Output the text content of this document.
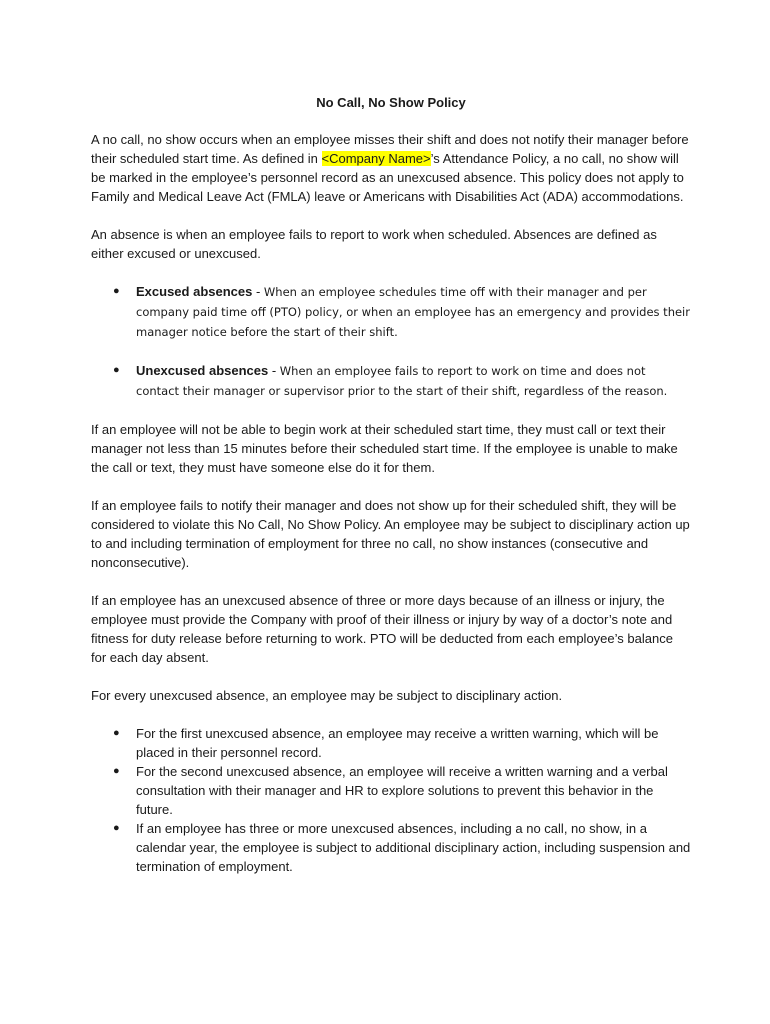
No Call, No Show Policy

A no call, no show occurs when an employee misses their shift and does not notify their manager before their scheduled start time. As defined in <Company Name>’s Attendance Policy, a no call, no show will be marked in the employee’s personnel record as an unexcused absence. This policy does not apply to Family and Medical Leave Act (FMLA) leave or Americans with Disabilities Act (ADA) accommodations.

An absence is when an employee fails to report to work when scheduled. Absences are defined as either excused or unexcused.

● Excused absences - When an employee schedules time off with their manager and per company paid time off (PTO) policy, or when an employee has an emergency and provides their manager notice before the start of their shift.
● Unexcused absences - When an employee fails to report to work on time and does not contact their manager or supervisor prior to the start of their shift, regardless of the reason.

If an employee will not be able to begin work at their scheduled start time, they must call or text their manager not less than 15 minutes before their scheduled start time. If the employee is unable to make the call or text, they must have someone else do it for them.

If an employee fails to notify their manager and does not show up for their scheduled shift, they will be considered to violate this No Call, No Show Policy. An employee may be subject to disciplinary action up to and including termination of employment for three no call, no show instances (consecutive and nonconsecutive).

If an employee has an unexcused absence of three or more days because of an illness or injury, the employee must provide the Company with proof of their illness or injury by way of a doctor’s note and fitness for duty release before returning to work. PTO will be deducted from each employee’s balance for each day absent.

For every unexcused absence, an employee may be subject to disciplinary action.

● For the first unexcused absence, an employee may receive a written warning, which will be placed in their personnel record.
● For the second unexcused absence, an employee will receive a written warning and a verbal consultation with their manager and HR to explore solutions to prevent this behavior in the future.
● If an employee has three or more unexcused absences, including a no call, no show, in a calendar year, the employee is subject to additional disciplinary action, including suspension and termination of employment.
